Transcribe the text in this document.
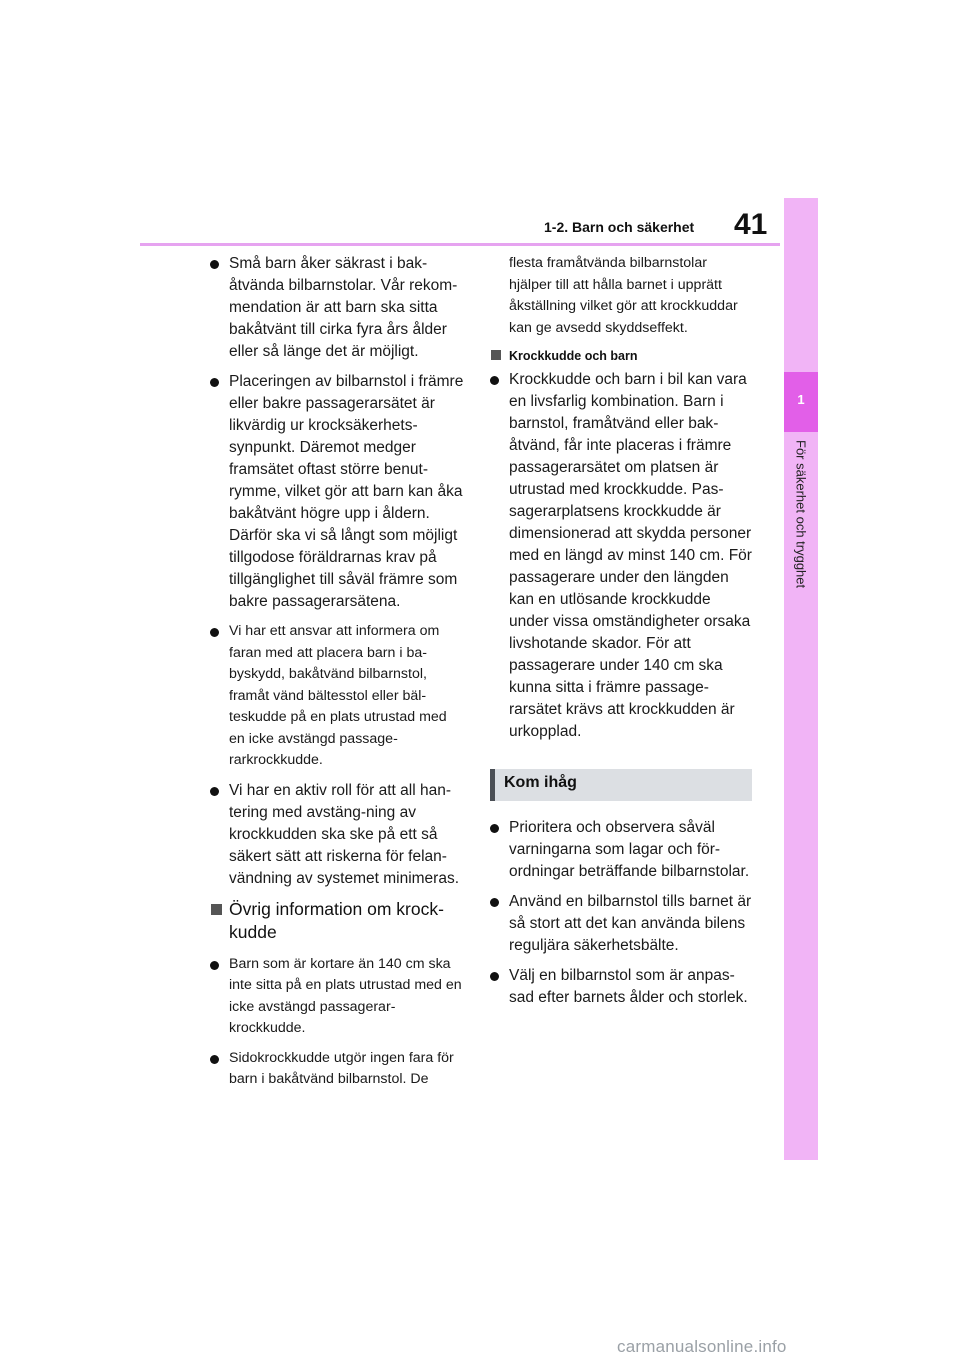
41
1-2. Barn och säkerhet
1
För säkerhet och trygghet
Små barn åker säkrast i bakåtvända bilbarnstolar. Vår rekommendation är att barn ska sitta bakåtvänt till cirka fyra års ålder eller så länge det är möjligt.
Placeringen av bilbarnstol i främre eller bakre passagerarsätet är likvärdig ur krocksäkerhetssynpunkt. Däremot medger framsätet oftast större benutrymme, vilket gör att barn kan åka bakåtvänt högre upp i åldern. Därför ska vi så långt som möjligt tillgodose föräldrarnas krav på tillgänglighet till såväl främre som bakre passagerarsätena.
Vi har ett ansvar att informera om faran med att placera barn i babyskydd, bakåtvänd bilbarnstol, framåt vänd bältesstol eller bälteskudde på en plats utrustad med en icke avstängd passagerarkrockkudde.
Vi har en aktiv roll för att all hantering med avstäng-ning av krockkudden ska ske på ett så säkert sätt att riskerna för felanvändning av systemet minimeras.
Övrig information om krockkudde
Barn som är kortare än 140 cm ska inte sitta på en plats utrustad med en icke avstängd passagerarkrockkudde.
Sidokrockkudde utgör ingen fara för barn i bakåtvänd bilbarnstol. De
flesta framåtvända bilbarnstolar hjälper till att hålla barnet i upprätt åkställning vilket gör att krockkuddar kan ge avsedd skyddseffekt.
Krockkudde och barn
Krockkudde och barn i bil kan vara en livsfarlig kombination. Barn i barnstol, framåtvänd eller bakåtvänd, får inte placeras i främre passagerarsätet om platsen är utrustad med krockkudde. Passagerarplatsens krockkudde är dimensionerad att skydda personer med en längd av minst 140 cm. För passagerare under den längden kan en utlösande krockkudde under vissa omständigheter orsaka livshotande skador. För att passagerare under 140 cm ska kunna sitta i främre passagerarsätet krävs att krockkudden är urkopplad.
Kom ihåg
Prioritera och observera såväl varningarna som lagar och förordningar beträffande bilbarnstolar.
Använd en bilbarnstol tills barnet är så stort att det kan använda bilens reguljära säkerhetsbälte.
Välj en bilbarnstol som är anpassad efter barnets ålder och storlek.
carmanualsonline.info
